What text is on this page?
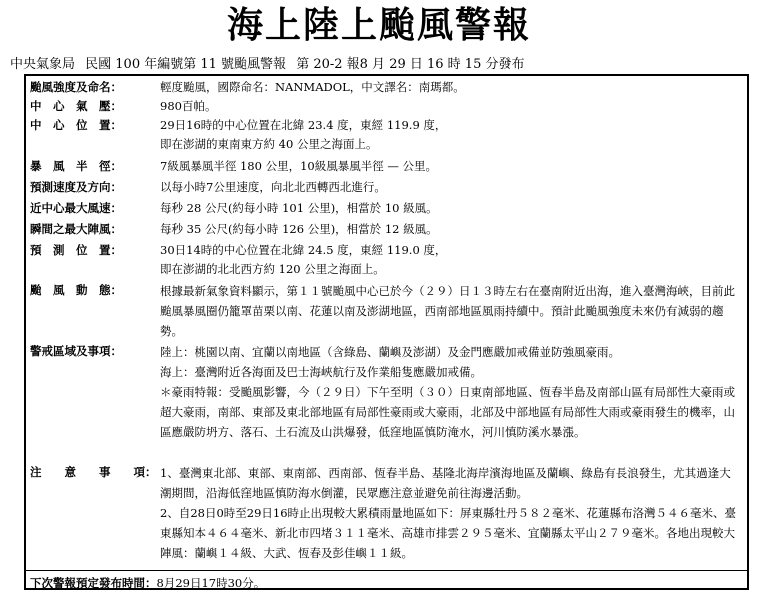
海上陸上颱風警報
中央氣象局 民國 100 年編號第 11 號颱風警報 第 20-2 報8 月 29 日 16 時 15 分發布
颱風強度及命名：	輕度颱風，國際命名：NANMADOL，中文譯名：南瑪都。
中　心　氣　壓：	980百帕。
中　心　位　置：	29日16時的中心位置在北緯 23.4 度，東經 119.9 度，
即在澎湖的東南東方約 40 公里之海面上。
暴　風　半　徑：	7級風暴風半徑 180 公里，10級風暴風半徑 — 公里。
預測速度及方向：	以每小時7公里速度，向北北西轉西北進行。
近中心最大風速：	每秒 28 公尺(約每小時 101 公里)，相當於 10 級風。
瞬間之最大陣風：	每秒 35 公尺(約每小時 126 公里)，相當於 12 級風。
預　測　位　置：	30日14時的中心位置在北緯 24.5 度，東經 119.0 度，
即在澎湖的北北西方約 120 公里之海面上。
颱　風　動　態：	根據最新氣象資料顯示，第１１號颱風中心已於今（２９）日１３時左右在臺南附近出海，進入臺灣海峽，目前此颱風暴風圈仍籠罩苗栗以南、花蓮以南及澎湖地區，西南部地區風雨持續中。預計此颱風強度未來仍有減弱的趨勢。
警戒區域及事項：	陸上：桃園以南、宜蘭以南地區（含綠島、蘭嶼及澎湖）及金門應嚴加戒備並防強風豪雨。
海上：臺灣附近各海面及巴士海峽航行及作業船隻應嚴加戒備。
＊豪雨特報：受颱風影響，今（２９日）下午至明（３０）日東南部地區、恆春半島及南部山區有局部性大豪雨或超大豪雨，南部、東部及東北部地區有局部性豪雨或大豪雨，北部及中部地區有局部性大雨或豪雨發生的機率，山區應嚴防坍方、落石、土石流及山洪爆發，低窪地區慎防淹水，河川慎防溪水暴漲。
注　　意　　事　　項： 1、臺灣東北部、東部、東南部、西南部、恆春半島、基隆北海岸濱海地區及蘭嶼、綠島有長浪發生，尤其過逢大潮期間，沿海低窪地區慎防海水倒灌，民眾應注意並避免前往海邊活動。
2、自28日0時至29日16時止出現較大累積雨量地區如下：屏東縣牡丹５８２毫米、花蓮縣布洛灣５４６毫米、臺東縣知本４６４毫米、新北市四堵３１１毫米、高雄市排雲２９５毫米、宜蘭縣太平山２７９毫米。各地出現較大陣風：蘭嶼１４級、大武、恆春及彭佳嶼１１級。
下次警報預定發布時間：8月29日17時30分。
